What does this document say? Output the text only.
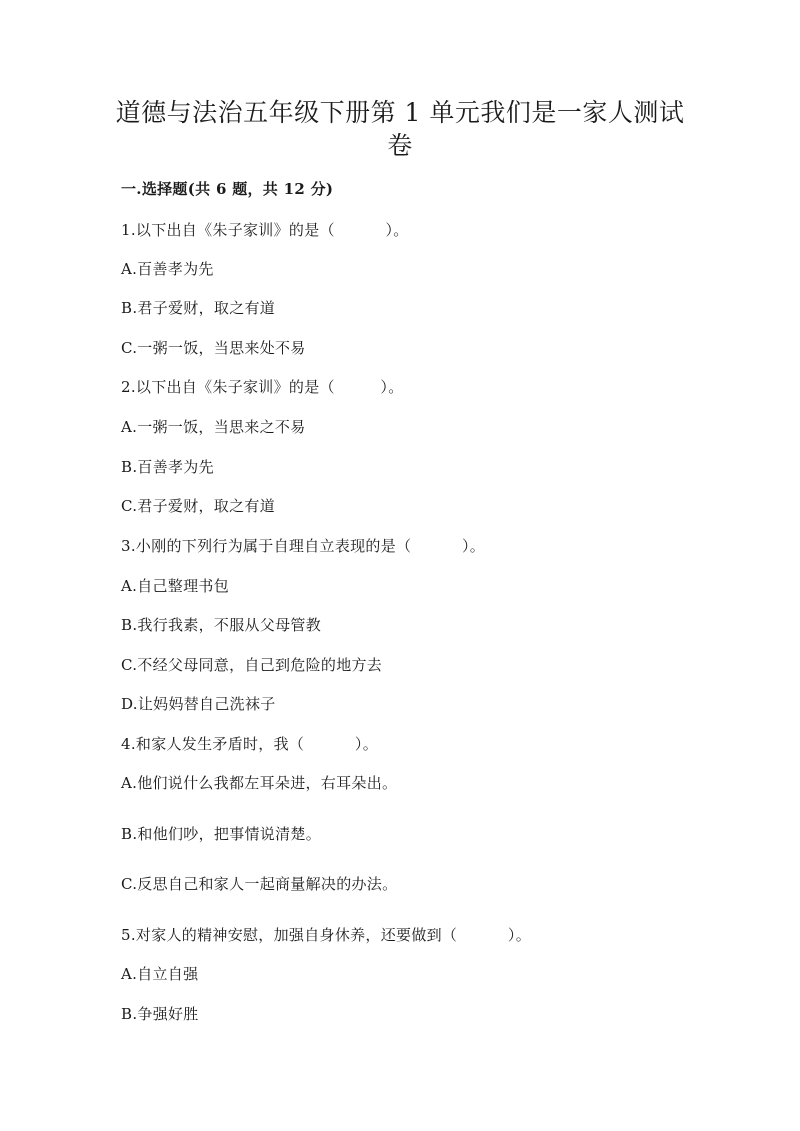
道德与法治五年级下册第 1 单元我们是一家人测试
卷
一.选择题(共 6 题，共 12 分)
1.以下出自《朱子家训》的是（          ）。
A.百善孝为先
B.君子爱财，取之有道
C.一粥一饭，当思来处不易
2.以下出自《朱子家训》的是（         ）。
A.一粥一饭，当思来之不易
B.百善孝为先
C.君子爱财，取之有道
3.小刚的下列行为属于自理自立表现的是（          ）。
A.自己整理书包
B.我行我素，不服从父母管教
C.不经父母同意，自己到危险的地方去
D.让妈妈替自己洗袜子
4.和家人发生矛盾时，我（          ）。
A.他们说什么我都左耳朵进，右耳朵出。
B.和他们吵，把事情说清楚。
C.反思自己和家人一起商量解决的办法。
5.对家人的精神安慰，加强自身休养，还要做到（          ）。
A.自立自强
B.争强好胜
